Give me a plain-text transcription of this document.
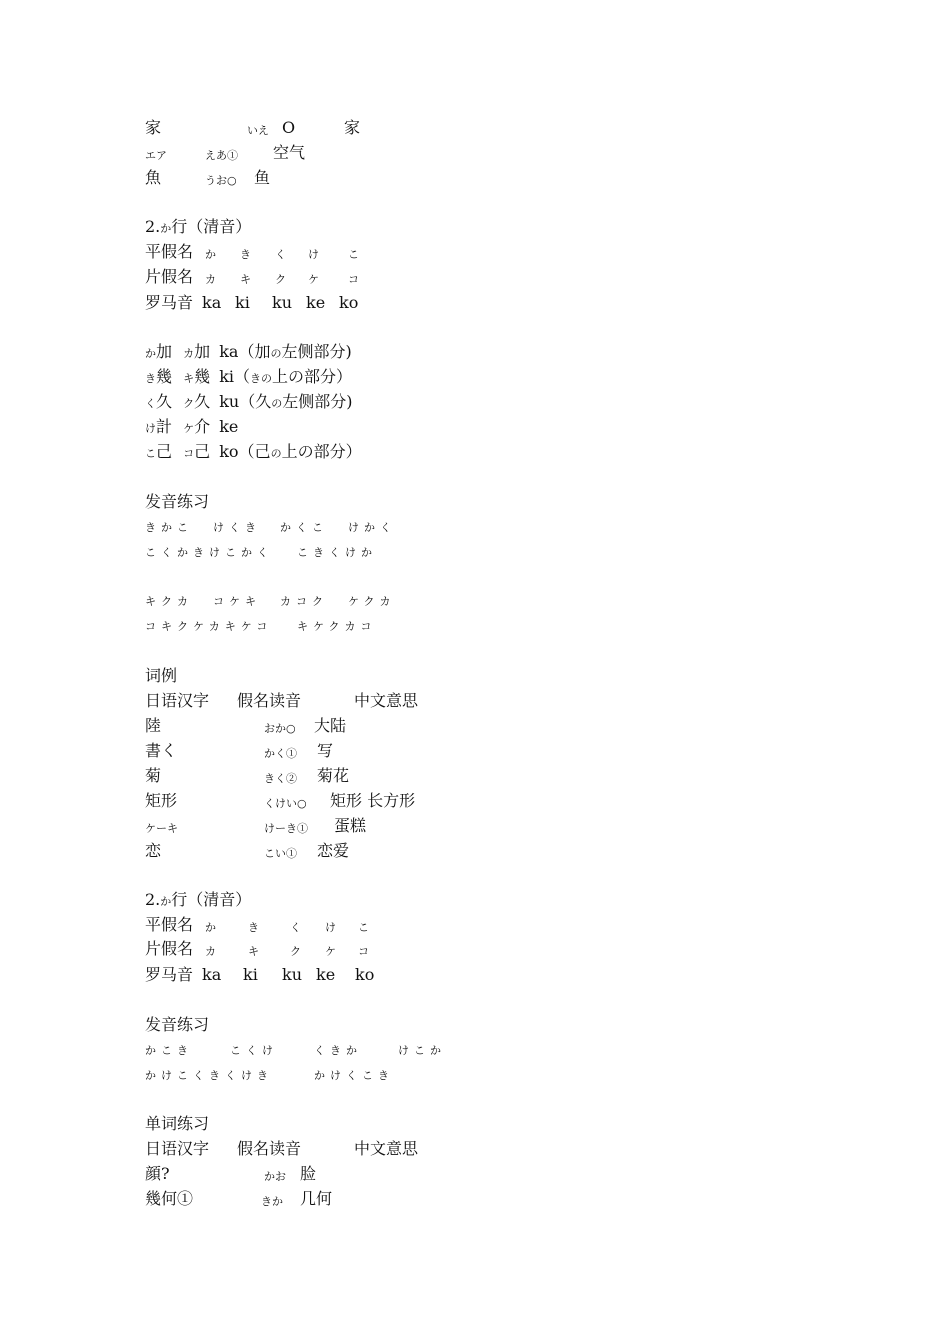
家	いえ O	家
エア	えあ① 空气
魚	うお○ 鱼
2.か行（清音）
平假名 か き く け	こ
片假名 カ キ ク ケ	コ
罗马音 ka ki ku ke ko
か加 カ加 ka（加の左侧部分)
き幾 キ幾 ki（きの上の部分）
く久 ク久 ku（久の左侧部分)
け計 ケ介 ke
こ己 コ己 ko（己の上の部分）
发音练习
きかこ けくき かくこ けかく
こくかきけこかく こきくけか
キクカ コケキ カコク ケクカ
コキクケカキケコ キケクカコ
词例
日语汉字 假名读音	中文意思
陸	おか○ 大陆
書く	かく① 写
菊	きく② 菊花
矩形	くけい○ 矩形 长方形
ケーキ	けーき① 蛋糕
恋	こい① 恋爱
2.か行（清音）
平假名 か	き	く け こ
片假名 カ	キ	ク ケ コ
罗马音 ka ki ku ke ko
发音练习
かこき	こくけ	くきか	けこか
かけこくきくけき	かけくこき
单词练习
日语汉字 假名读音	中文意思
顔?	かお 脸
幾何①	きか 几何
